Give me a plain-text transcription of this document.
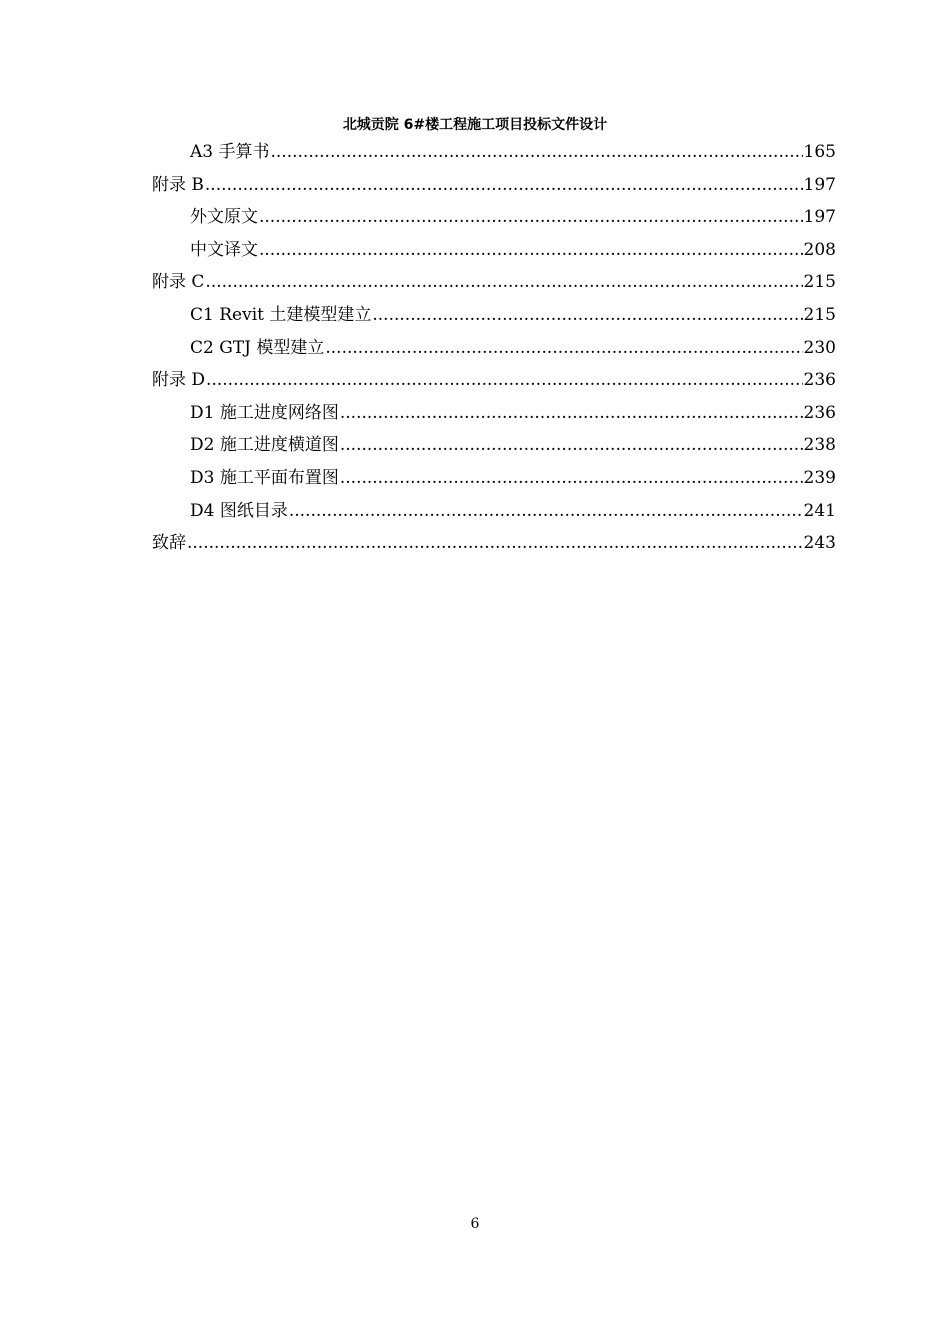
北城贡院 6#楼工程施工项目投标文件设计
A3 手算书 .....	165
附录 B .....	197
外文原文 .....	197
中文译文 .....	208
附录 C .....	215
C1 Revit 土建模型建立 .....	215
C2 GTJ 模型建立 .....	230
附录 D .....	236
D1 施工进度网络图 .....	236
D2 施工进度横道图 .....	238
D3 施工平面布置图 .....	239
D4 图纸目录 .....	241
致辞 .....	243
6
